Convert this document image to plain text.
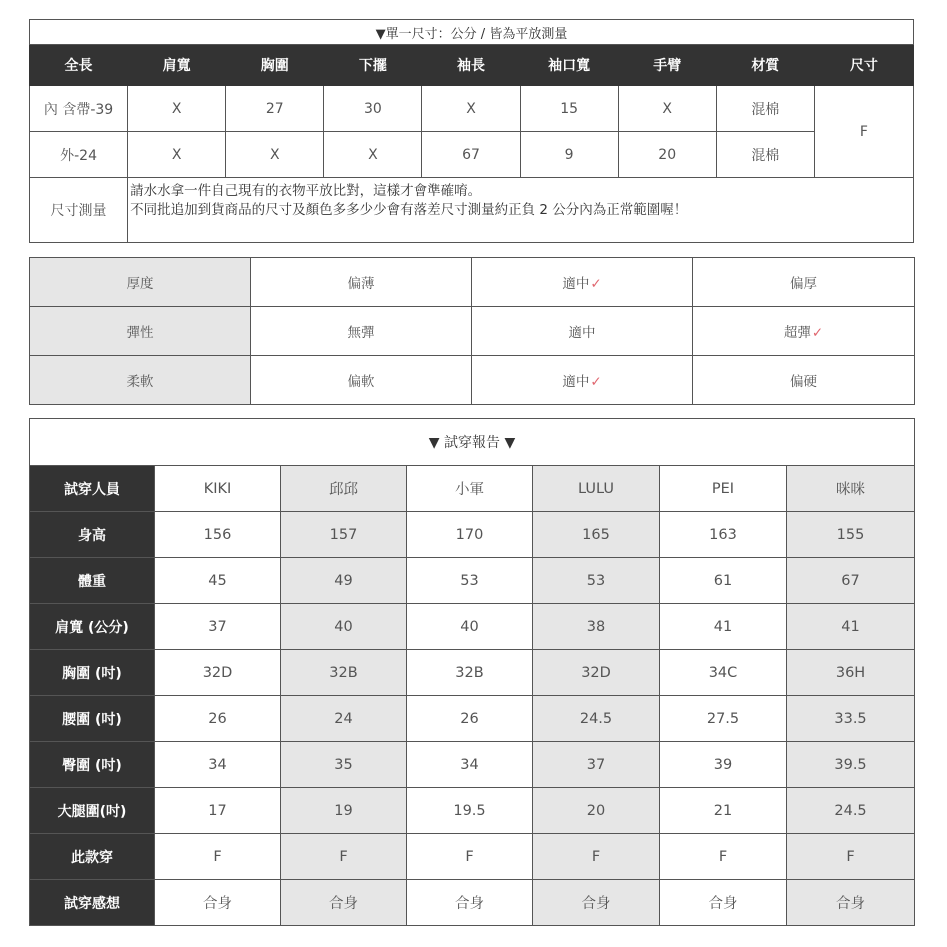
▼單一尺寸：公分 / 皆為平放測量								
全長	肩寬	胸圍	下擺	袖長	袖口寬	手臂	材質	尺寸
內 含帶-39	X	27	30	X	15	X	混棉	F
外-24	X	X	X	67	9	20	混棉	
尺寸測量	請水水拿一件自己現有的衣物平放比對，這樣才會準確唷。
不同批追加到貨商品的尺寸及顏色多多少少會有落差尺寸測量約正負 2 公分內為正常範圍喔！							
厚度	偏薄	適中✓	偏厚
彈性	無彈	適中	超彈✓
柔軟	偏軟	適中✓	偏硬
▼ 試穿報告 ▼						
試穿人員	KIKI	邱邱	小軍	LULU	PEI	咪咪
身高	156	157	170	165	163	155
體重	45	49	53	53	61	67
肩寬 (公分)	37	40	40	38	41	41
胸圍 (吋)	32D	32B	32B	32D	34C	36H
腰圍 (吋)	26	24	26	24.5	27.5	33.5
臀圍 (吋)	34	35	34	37	39	39.5
大腿圍(吋)	17	19	19.5	20	21	24.5
此款穿	F	F	F	F	F	F
試穿感想	合身	合身	合身	合身	合身	合身
